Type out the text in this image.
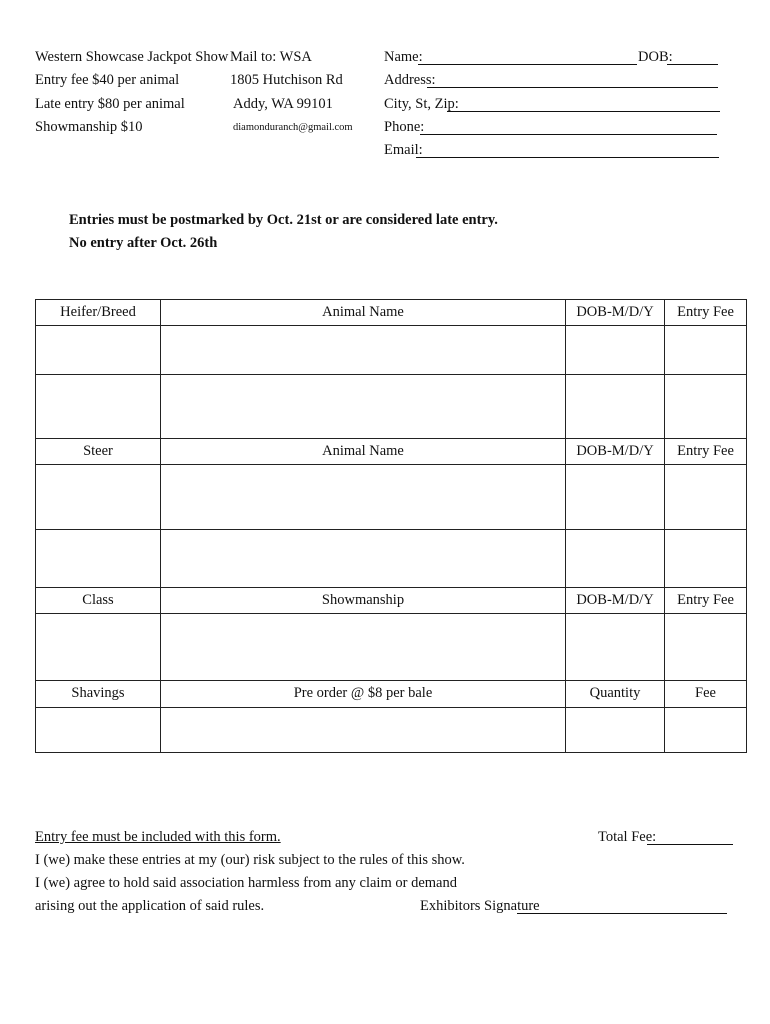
Western Showcase Jackpot Show
Entry fee $40 per animal
Late entry $80 per animal
Showmanship $10
Mail to: WSA
1805 Hutchison Rd
Addy, WA 99101
diamonduranch@gmail.com
Name:	DOB:
Address:
City, St, Zip:
Phone:
Email:
Entries must be postmarked by Oct. 21st or are considered late entry.
No entry after Oct. 26th
Heifer/Breed	Animal Name	DOB-M/D/Y	Entry Fee

Steer	Animal Name	DOB-M/D/Y	Entry Fee

Class	Showmanship	DOB-M/D/Y	Entry Fee

Shavings	Pre order @ $8 per bale	Quantity	Fee

Entry fee must be included with this form.
I (we) make these entries at my (our) risk subject to the rules of this show.
I (we) agree to hold said association harmless from any claim or demand
arising out the application of said rules.
Total Fee:
Exhibitors Signature
